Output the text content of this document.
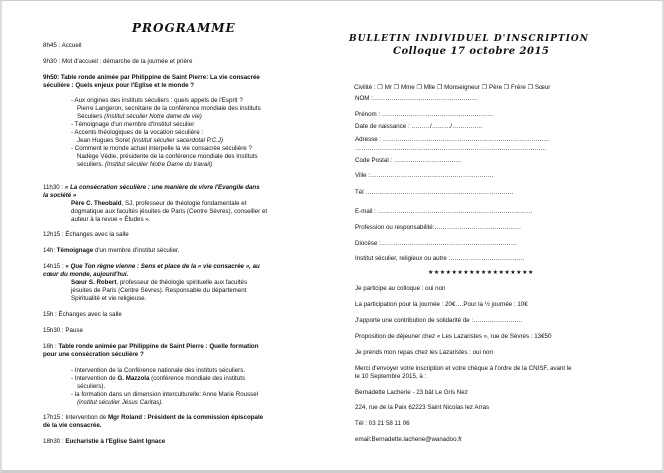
PROGRAMME
8h45 : Accueil
9h30 : Mot d'accueil : démarche de la journée et prière
9h50: Table ronde animée par Philippine de Saint Pierre: La vie consacrée
séculière : Quels enjeux pour l'Eglise et le monde ?
- Aux origines des instituts séculiers : quels appels de l'Esprit ?
Pierre Langeron, secrétaire de la conférence mondiale des instituts
Séculiers (Institut séculier Notre dame de vie)
- Témoignage d'un membre d'Institut séculier
- Accents théologiques de la vocation séculière :
Jean Hugues Soret (institut séculier sacerdotal P.C.J)
- Comment le monde actuel interpelle la vie consacrée séculière ?
Nadège Védie, présidente de la conférence mondiale des Instituts
séculiers. (Institut séculier Notre Dame du travail)
11h30 : « La consécration séculière : une manière de vivre l'Evangile dans
la société »
Père C. Theobald, SJ, professeur de théologie fondamentale et
dogmatique aux facultés jésuites de Paris (Centre Sèvres), conseiller et
auteur à la revue « Études ».
12h15 : Échanges avec la salle
14h: Témoignage d'un membre d'institut séculier.
14h15 : « Que Ton règne vienne : Sens et place de la « vie consacrée », au
cœur du monde, aujourd'hui.
Sœur S. Robert, professeur de théologie spirituelle aux facultés
jésuites de Paris (Centre Sèvres). Responsable du département
Spiritualité et vie religieuse.
15h : Échanges avec la salle
15h30 : Pause
16h : Table ronde animée par Philippine de Saint Pierre : Quelle formation
pour une consécration séculière ?
- Intervention de la Conférence nationale des instituts séculiers.
- Intervention de G. Mazzola (conférence mondiale des instituts
séculiers).
- la formation dans un dimension interculturelle: Anne Marie Roussel
(institut séculier Jésus Caritas).
17h15 : Intervention de Mgr Roland : Président de la commission épiscopale
de la vie consacrée.
18h30 : Eucharistie à l'Eglise Saint Ignace
BULLETIN INDIVIDUEL D'INSCRIPTION
Colloque 17 octobre 2015
Civilité : ❐ Mr ❐ Mme ❐ Mlle ❐ Monseigneur ❐ Père ❐ Frère ❐ Sœur
NOM :……………………………………………
Prénom : ………………………………………………
Date de naissance : ………/………/……………
Adresse : ………………………………………………………………………
…………………………………………………………………………………
Code Postal : ……………………………
Ville :……………………………………………………
Tél ………………………………………………………………
E-mail : …………………………………………………………………
Profession ou responsabilité:……………………………………
Diocèse :…………………………………………………………
Institut séculier, religieux ou autre :………………………………
★★★★★★★★★★★★★★★★★★
Je participe au colloque : oui non
La participation pour la journée : 20€….Pour la ½ journée : 10€
J'apporte une contribution de solidarité de :……………………
Proposition de déjeuner chez « Les Lazaristes », rue de Sèvres : 13€50
Je prends mon repas chez les Lazaristes : oui non
Merci d'envoyer votre inscription et votre chèque à l'ordre de la CNISF, avant le
le 10 Septembre 2015, à :
Bernadette Lacherie - 23 bât Le Gris Nez
224, rue de la Paix 62223 Saint Nicolas lez Arras
Tél : 03 21 58 11 06
email:Bernadette.lacherie@wanadoo.fr
